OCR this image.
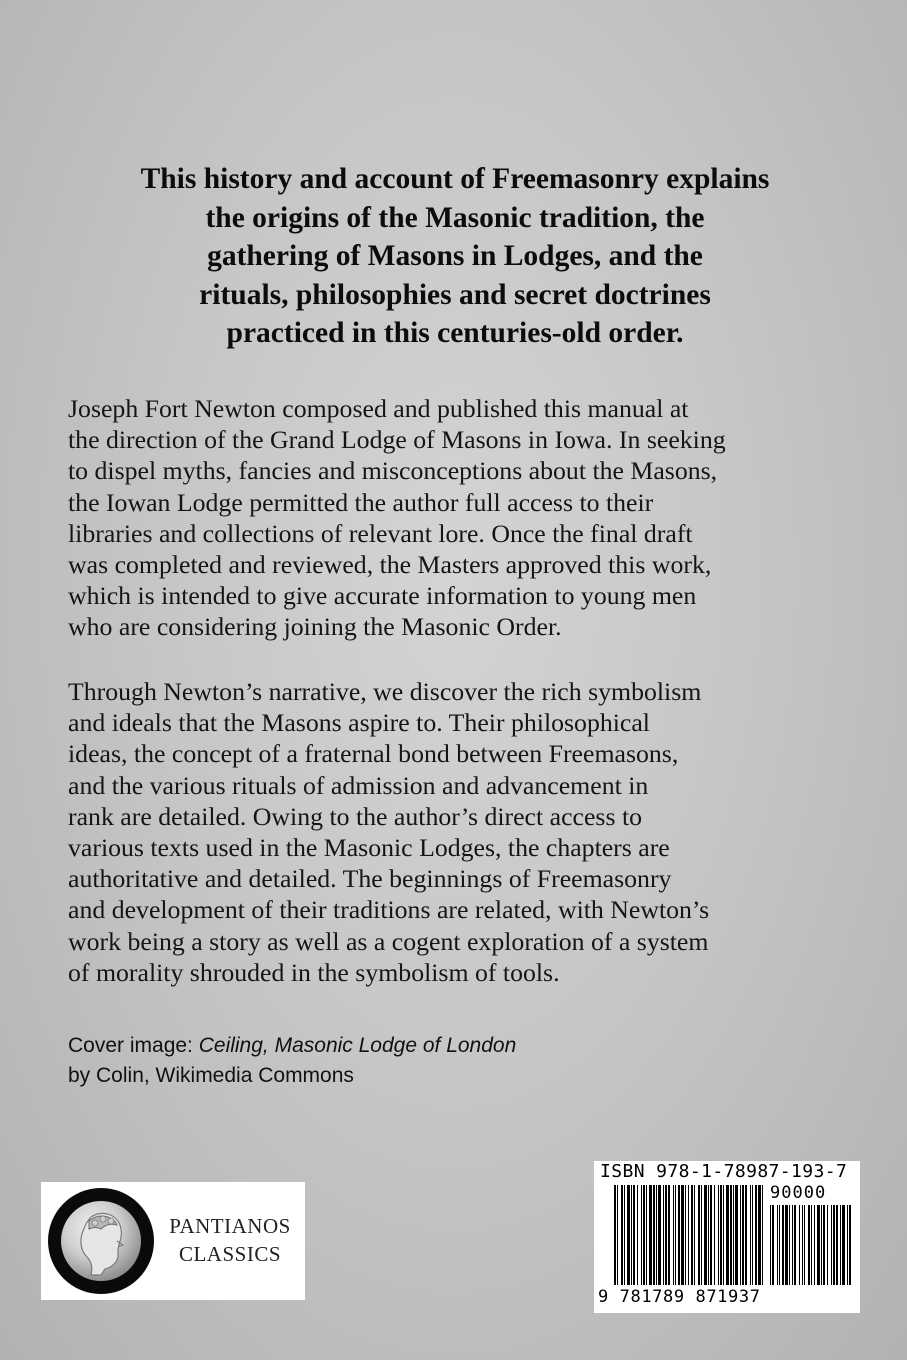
This history and account of Freemasonry explains
the origins of the Masonic tradition, the
gathering of Masons in Lodges, and the
rituals, philosophies and secret doctrines
practiced in this centuries-old order.
Joseph Fort Newton composed and published this manual at
the direction of the Grand Lodge of Masons in Iowa. In seeking
to dispel myths, fancies and misconceptions about the Masons,
the Iowan Lodge permitted the author full access to their
libraries and collections of relevant lore. Once the final draft
was completed and reviewed, the Masters approved this work,
which is intended to give accurate information to young men
who are considering joining the Masonic Order.
Through Newton’s narrative, we discover the rich symbolism
and ideals that the Masons aspire to. Their philosophical
ideas, the concept of a fraternal bond between Freemasons,
and the various rituals of admission and advancement in
rank are detailed. Owing to the author’s direct access to
various texts used in the Masonic Lodges, the chapters are
authoritative and detailed. The beginnings of Freemasonry
and development of their traditions are related, with Newton’s
work being a story as well as a cogent exploration of a system
of morality shrouded in the symbolism of tools.
Cover image: Ceiling, Masonic Lodge of London
by Colin, Wikimedia Commons
PANTIANOS
CLASSICS
ISBN 978-1-78987-193-7
90000
9 781789 871937
